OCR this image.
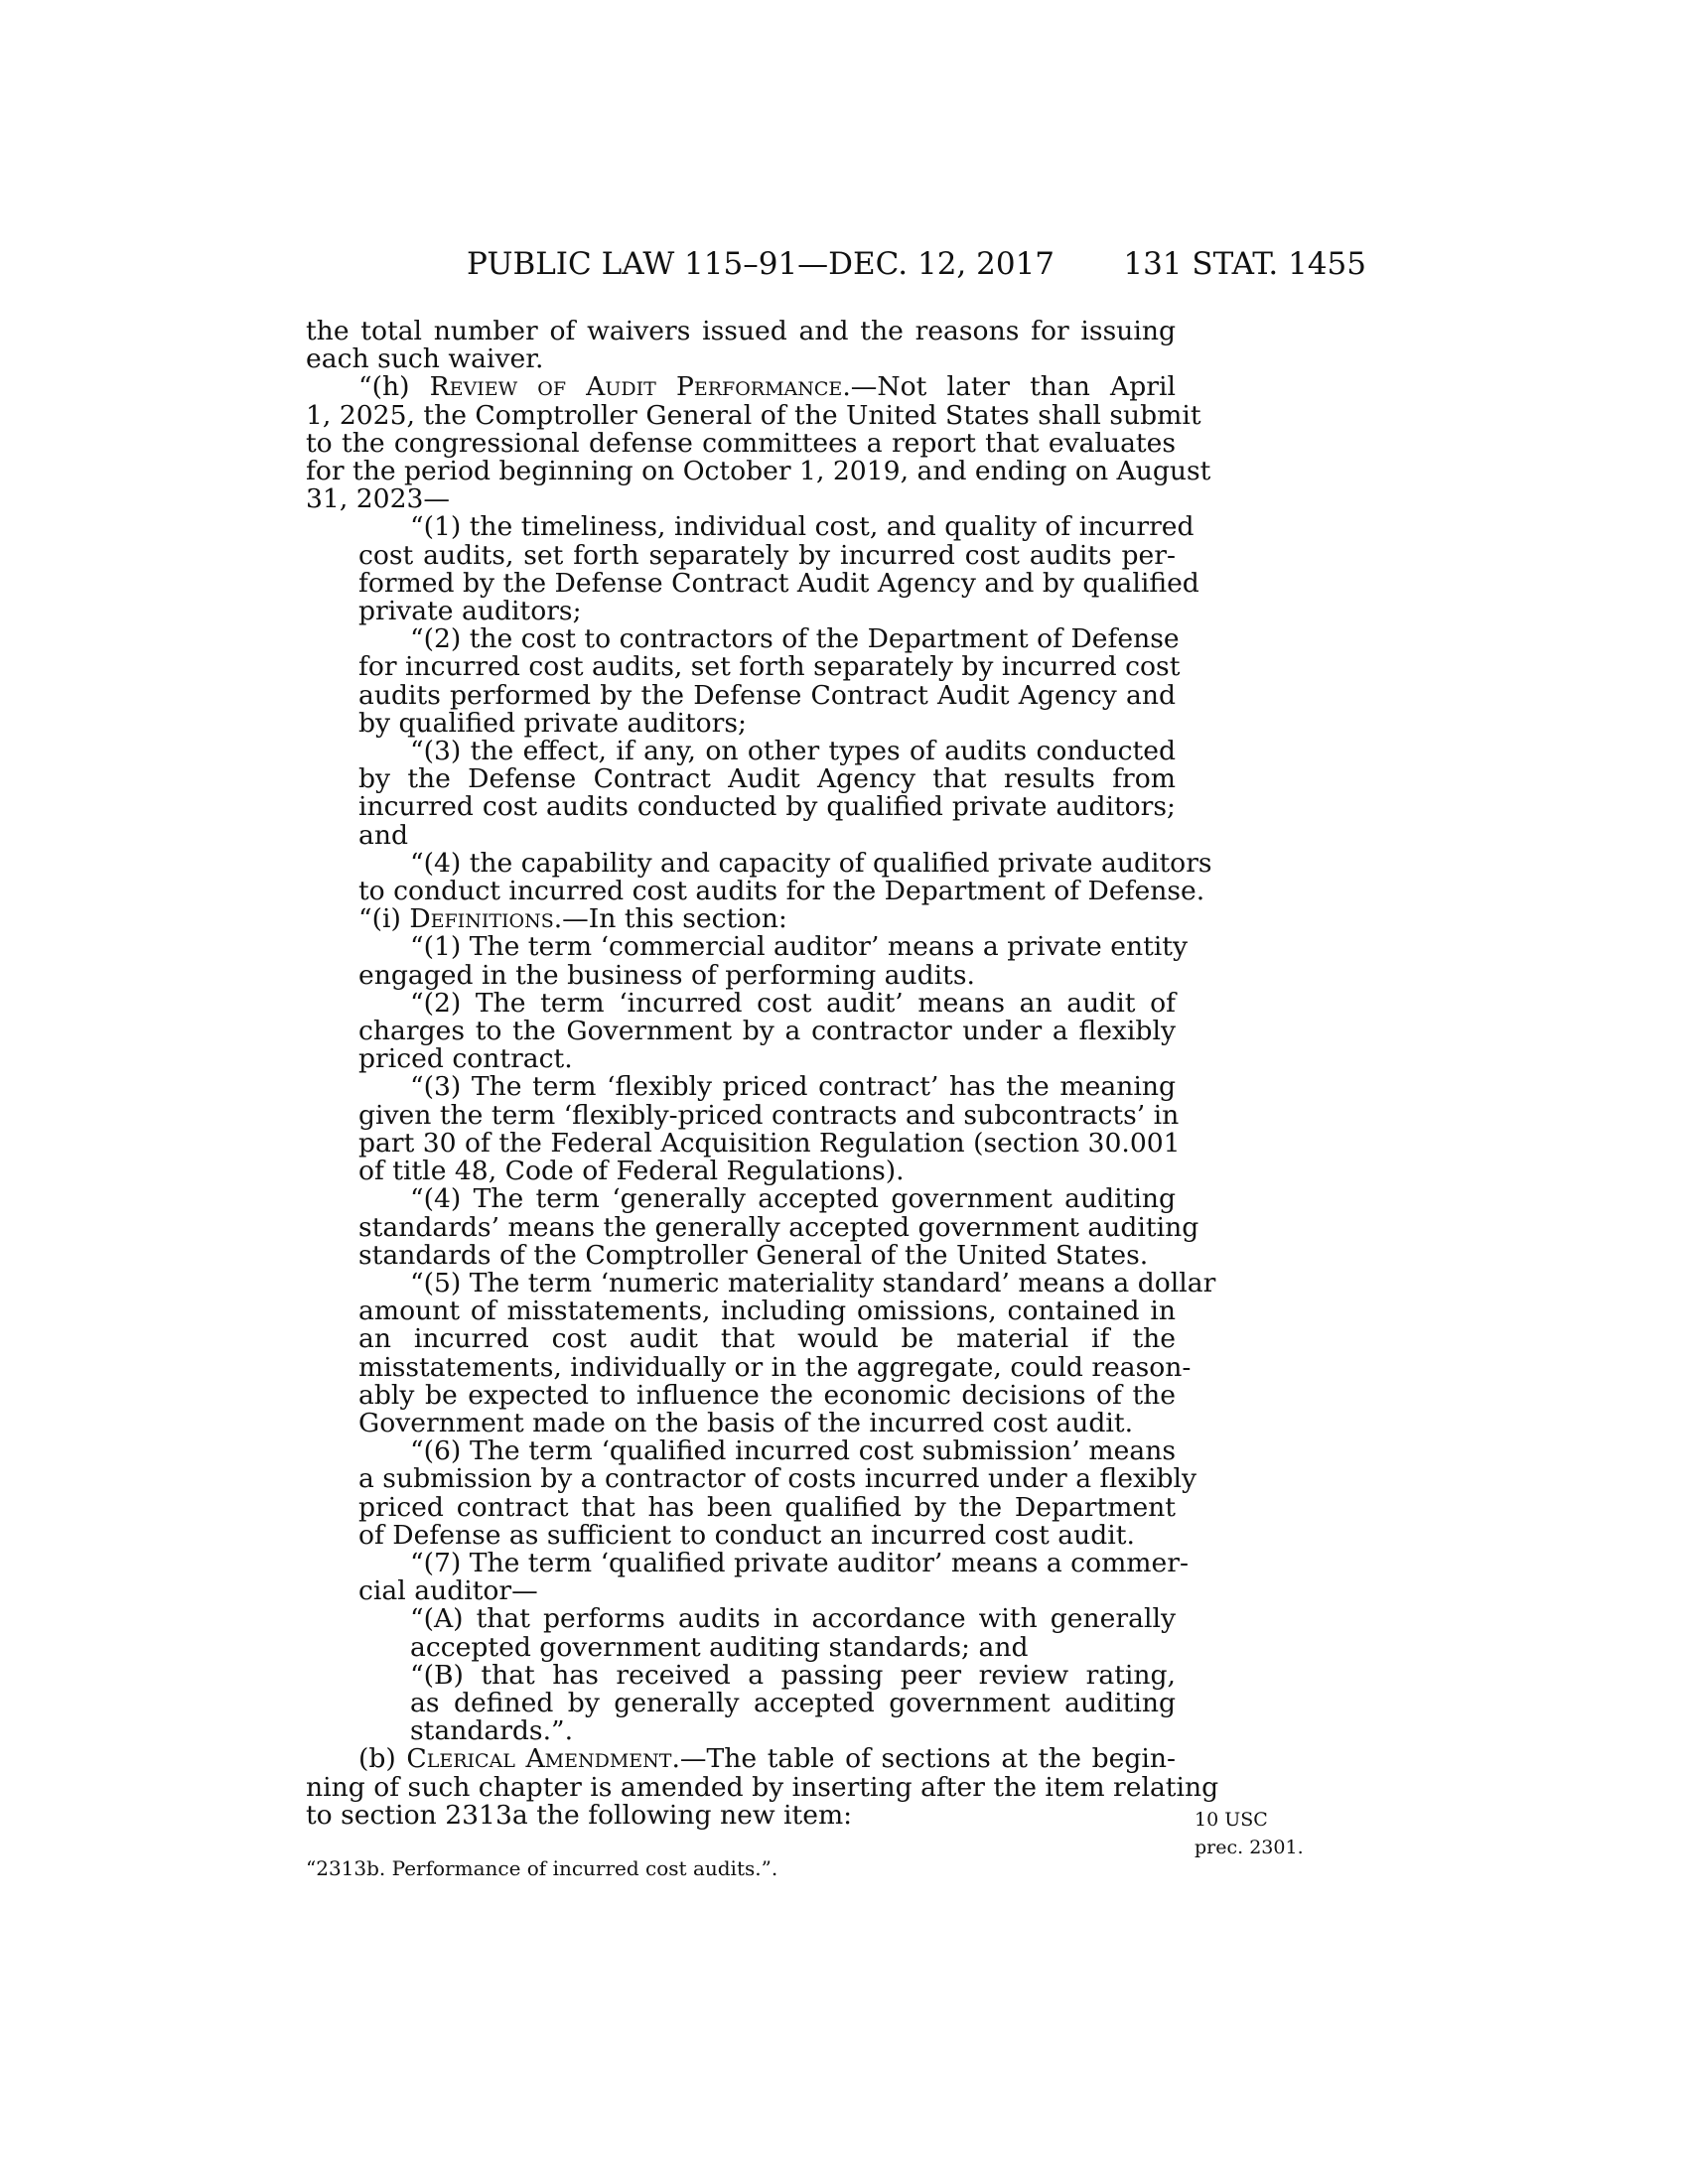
PUBLIC LAW 115–91—DEC. 12, 2017 131 STAT. 1455
the total number of waivers issued and the reasons for issuing
each such waiver.
“(h) Review of Audit Performance.—Not later than April
1, 2025, the Comptroller General of the United States shall submit
to the congressional defense committees a report that evaluates
for the period beginning on October 1, 2019, and ending on August
31, 2023—
“(1) the timeliness, individual cost, and quality of incurred
cost audits, set forth separately by incurred cost audits per-
formed by the Defense Contract Audit Agency and by qualified
private auditors;
“(2) the cost to contractors of the Department of Defense
for incurred cost audits, set forth separately by incurred cost
audits performed by the Defense Contract Audit Agency and
by qualified private auditors;
“(3) the effect, if any, on other types of audits conducted
by the Defense Contract Audit Agency that results from
incurred cost audits conducted by qualified private auditors;
and
“(4) the capability and capacity of qualified private auditors
to conduct incurred cost audits for the Department of Defense.
“(i) Definitions.—In this section:
“(1) The term ‘commercial auditor’ means a private entity
engaged in the business of performing audits.
“(2) The term ‘incurred cost audit’ means an audit of
charges to the Government by a contractor under a flexibly
priced contract.
“(3) The term ‘flexibly priced contract’ has the meaning
given the term ‘flexibly-priced contracts and subcontracts’ in
part 30 of the Federal Acquisition Regulation (section 30.001
of title 48, Code of Federal Regulations).
“(4) The term ‘generally accepted government auditing
standards’ means the generally accepted government auditing
standards of the Comptroller General of the United States.
“(5) The term ‘numeric materiality standard’ means a dollar
amount of misstatements, including omissions, contained in
an incurred cost audit that would be material if the
misstatements, individually or in the aggregate, could reason-
ably be expected to influence the economic decisions of the
Government made on the basis of the incurred cost audit.
“(6) The term ‘qualified incurred cost submission’ means
a submission by a contractor of costs incurred under a flexibly
priced contract that has been qualified by the Department
of Defense as sufficient to conduct an incurred cost audit.
“(7) The term ‘qualified private auditor’ means a commer-
cial auditor—
“(A) that performs audits in accordance with generally
accepted government auditing standards; and
“(B) that has received a passing peer review rating,
as defined by generally accepted government auditing
standards.”.
(b) Clerical Amendment.—The table of sections at the begin-
ning of such chapter is amended by inserting after the item relating
to section 2313a the following new item:
“2313b. Performance of incurred cost audits.”.
10 USC
prec. 2301.
